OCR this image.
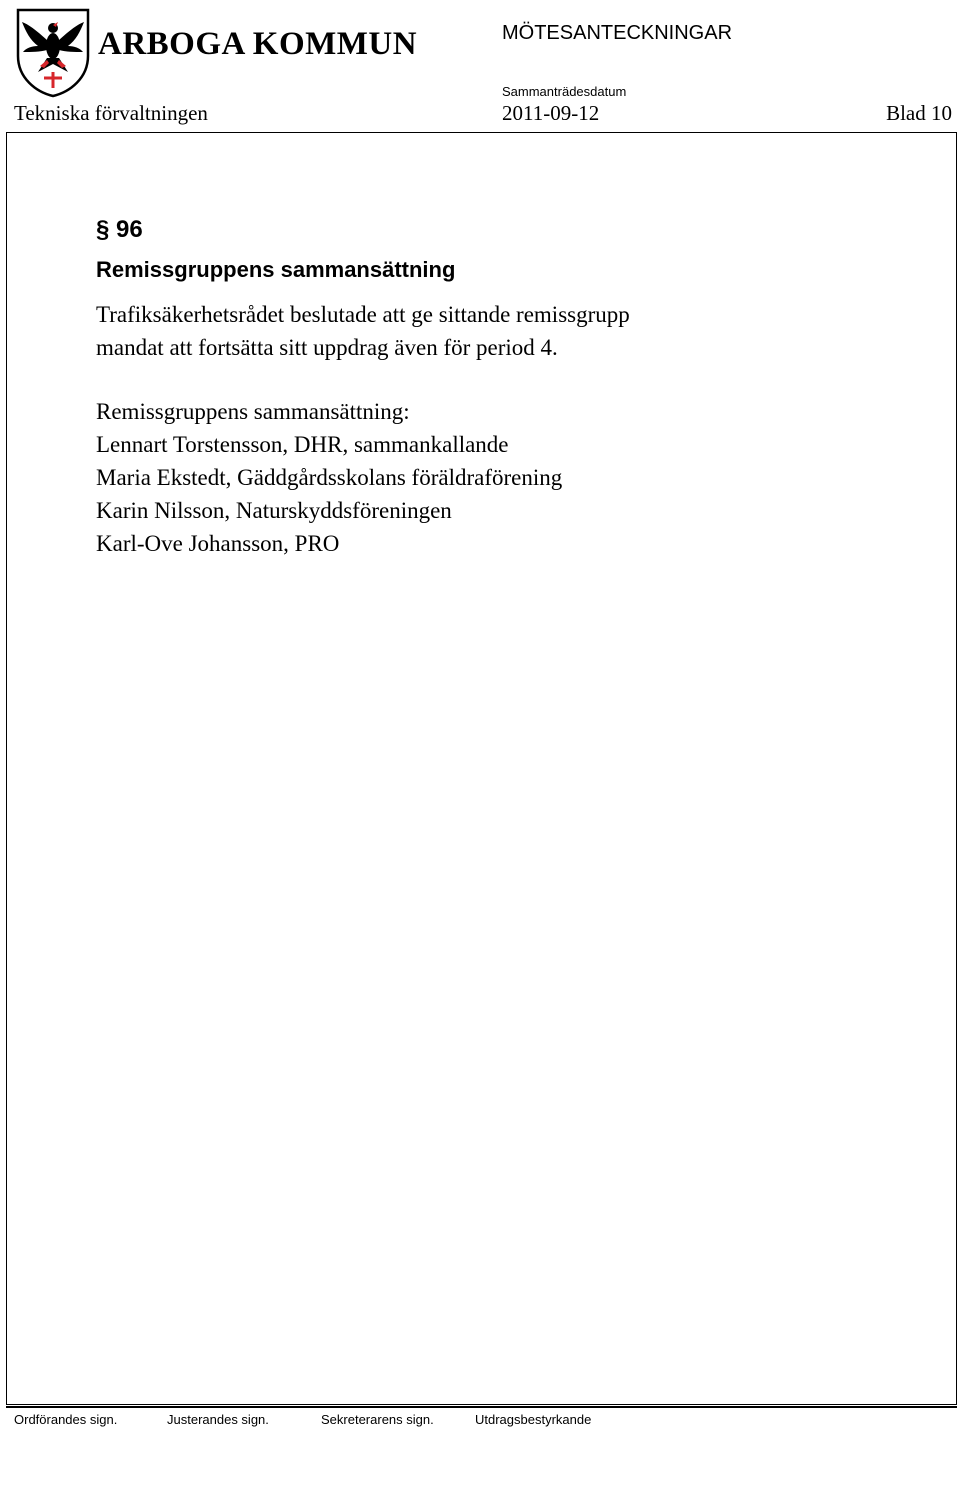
ARBOGA KOMMUN	MÖTESANTECKNINGAR
Sammanträdesdatum
Tekniska förvaltningen	2011-09-12	Blad 10
§ 96
Remissgruppens sammansättning
Trafiksäkerhetsrådet beslutade att ge sittande remissgrupp
mandat att fortsätta sitt uppdrag även för period 4.
Remissgruppens sammansättning:
Lennart Torstensson, DHR, sammankallande
Maria Ekstedt, Gäddgårdsskolans föräldraförening
Karin Nilsson, Naturskyddsföreningen
Karl-Ove Johansson, PRO
Ordförandes sign.	Justerandes sign.	Sekreterarens sign.	Utdragsbestyrkande
